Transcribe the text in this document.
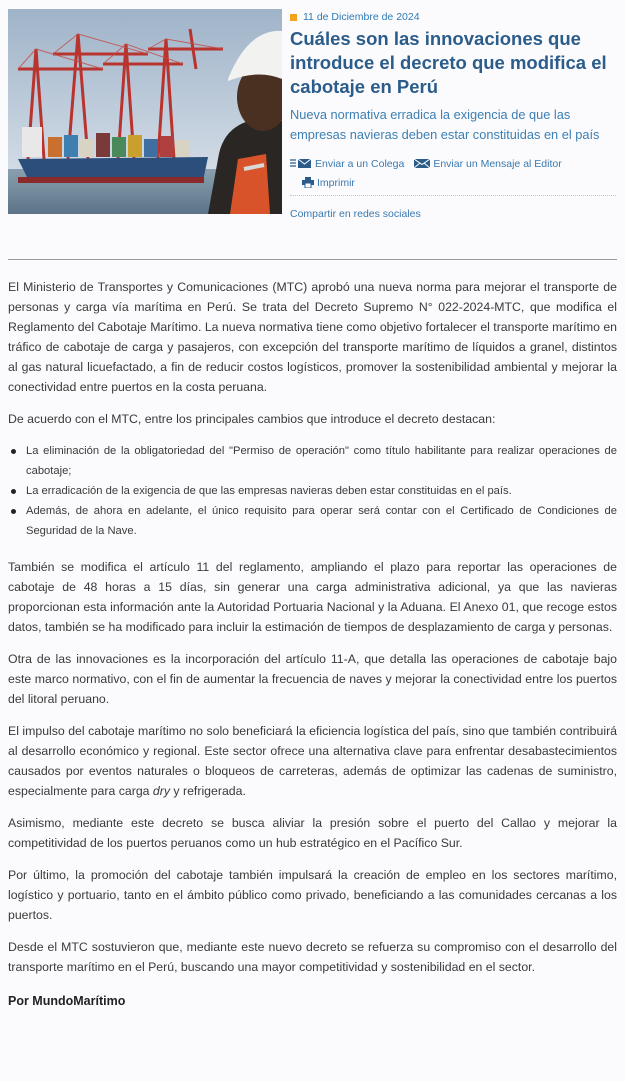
11 de Diciembre de 2024
Cuáles son las innovaciones que introduce el decreto que modifica el cabotaje en Perú
Nueva normativa erradica la exigencia de que las empresas navieras deben estar constituidas en el país
Enviar a un Colega	Enviar un Mensaje al Editor
Imprimir
Compartir en redes sociales

El Ministerio de Transportes y Comunicaciones (MTC) aprobó una nueva norma para mejorar el transporte de personas y carga vía marítima en Perú. Se trata del Decreto Supremo N° 022-2024-MTC, que modifica el Reglamento del Cabotaje Marítimo. La nueva normativa tiene como objetivo fortalecer el transporte marítimo en tráfico de cabotaje de carga y pasajeros, con excepción del transporte marítimo de líquidos a granel, distintos al gas natural licuefactado, a fin de reducir costos logísticos, promover la sostenibilidad ambiental y mejorar la conectividad entre puertos en la costa peruana.

De acuerdo con el MTC, entre los principales cambios que introduce el decreto destacan:

La eliminación de la obligatoriedad del "Permiso de operación" como título habilitante para realizar operaciones de cabotaje;
La erradicación de la exigencia de que las empresas navieras deben estar constituidas en el país.
Además, de ahora en adelante, el único requisito para operar será contar con el Certificado de Condiciones de Seguridad de la Nave.

También se modifica el artículo 11 del reglamento, ampliando el plazo para reportar las operaciones de cabotaje de 48 horas a 15 días, sin generar una carga administrativa adicional, ya que las navieras proporcionan esta información ante la Autoridad Portuaria Nacional y la Aduana. El Anexo 01, que recoge estos datos, también se ha modificado para incluir la estimación de tiempos de desplazamiento de carga y personas.

Otra de las innovaciones es la incorporación del artículo 11-A, que detalla las operaciones de cabotaje bajo este marco normativo, con el fin de aumentar la frecuencia de naves y mejorar la conectividad entre los puertos del litoral peruano.

El impulso del cabotaje marítimo no solo beneficiará la eficiencia logística del país, sino que también contribuirá al desarrollo económico y regional. Este sector ofrece una alternativa clave para enfrentar desabastecimientos causados por eventos naturales o bloqueos de carreteras, además de optimizar las cadenas de suministro, especialmente para carga dry y refrigerada.

Asimismo, mediante este decreto se busca aliviar la presión sobre el puerto del Callao y mejorar la competitividad de los puertos peruanos como un hub estratégico en el Pacífico Sur.

Por último, la promoción del cabotaje también impulsará la creación de empleo en los sectores marítimo, logístico y portuario, tanto en el ámbito público como privado, beneficiando a las comunidades cercanas a los puertos.

Desde el MTC sostuvieron que, mediante este nuevo decreto se refuerza su compromiso con el desarrollo del transporte marítimo en el Perú, buscando una mayor competitividad y sostenibilidad en el sector.

Por MundoMarítimo
